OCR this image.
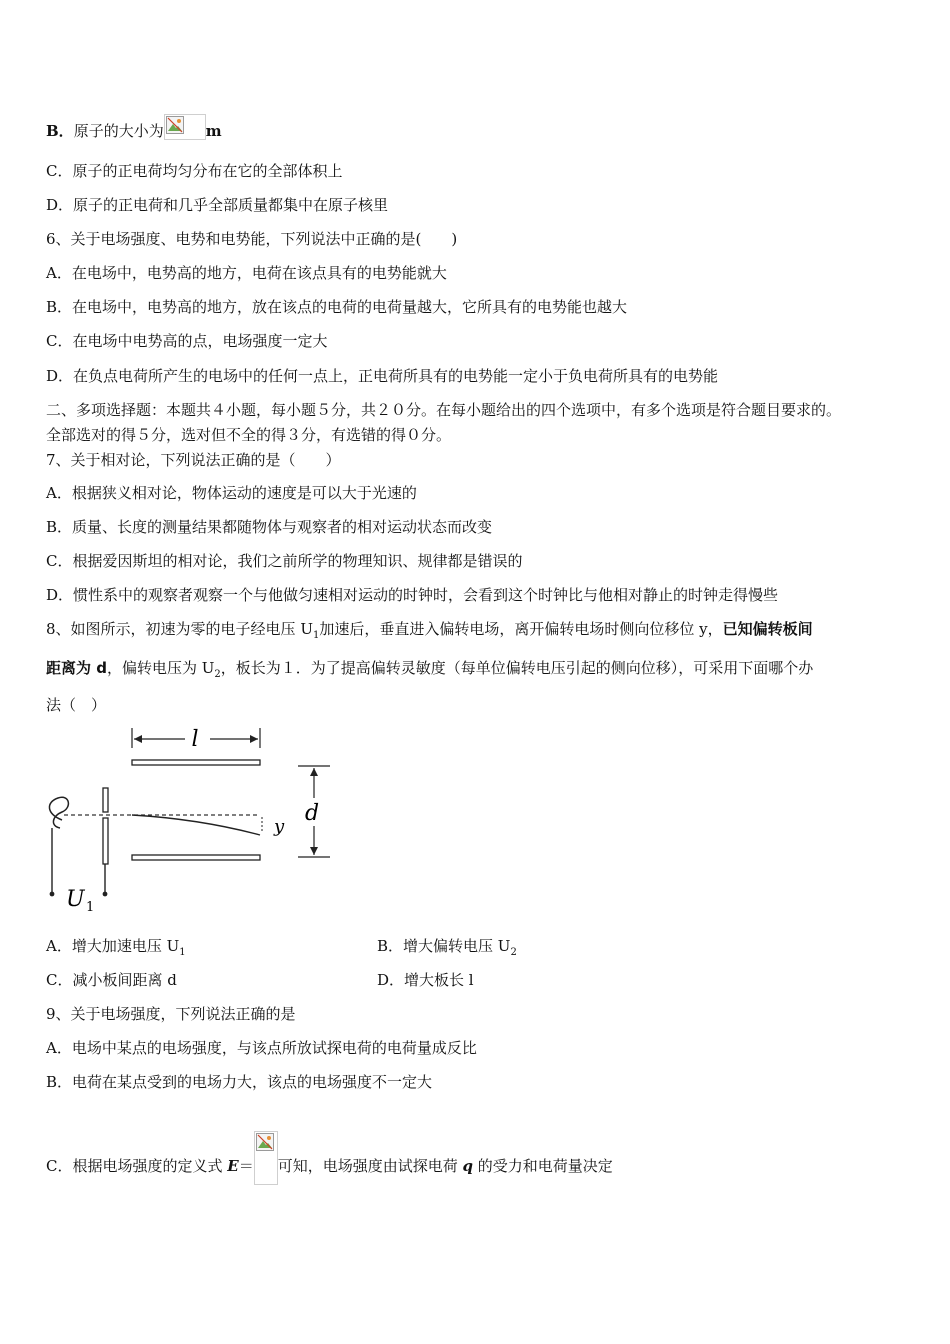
B．原子的大小为	m
C．原子的正电荷均匀分布在它的全部体积上
D．原子的正电荷和几乎全部质量都集中在原子核里
6、关于电场强度、电势和电势能，下列说法中正确的是(　　)
A．在电场中，电势高的地方，电荷在该点具有的电势能就大
B．在电场中，电势高的地方，放在该点的电荷的电荷量越大，它所具有的电势能也越大
C．在电场中电势高的点，电场强度一定大
D．在负点电荷所产生的电场中的任何一点上，正电荷所具有的电势能一定小于负电荷所具有的电势能
二、多项选择题：本题共４小题，每小题５分，共２０分。在每小题给出的四个选项中，有多个选项是符合题目要求的。
全部选对的得５分，选对但不全的得３分，有选错的得０分。
7、关于相对论，下列说法正确的是（　　）
A．根据狭义相对论，物体运动的速度是可以大于光速的
B．质量、长度的测量结果都随物体与观察者的相对运动状态而改变
C．根据爱因斯坦的相对论，我们之前所学的物理知识、规律都是错误的
D．惯性系中的观察者观察一个与他做匀速相对运动的时钟时，会看到这个时钟比与他相对静止的时钟走得慢些
8、如图所示，初速为零的电子经电压 $U_1$加速后，垂直进入偏转电场，离开偏转电场时侧向位移位 y，已知偏转板间
距离为 d，偏转电压为 $U_2$，板长为１．为了提高偏转灵敏度（每单位偏转电压引起的侧向位移），可采用下面哪个办
法（　）
l
y
d
U 1
A．增大加速电压 $U_1$	B．增大偏转电压 $U_2$
C．减小板间距离 d	D．增大板长 l
9、关于电场强度，下列说法正确的是
A．电场中某点的电场强度，与该点所放试探电荷的电荷量成反比
B．电荷在某点受到的电场力大，该点的电场强度不一定大
C．根据电场强度的定义式 E＝ 可知，电场强度由试探电荷 q 的受力和电荷量决定
